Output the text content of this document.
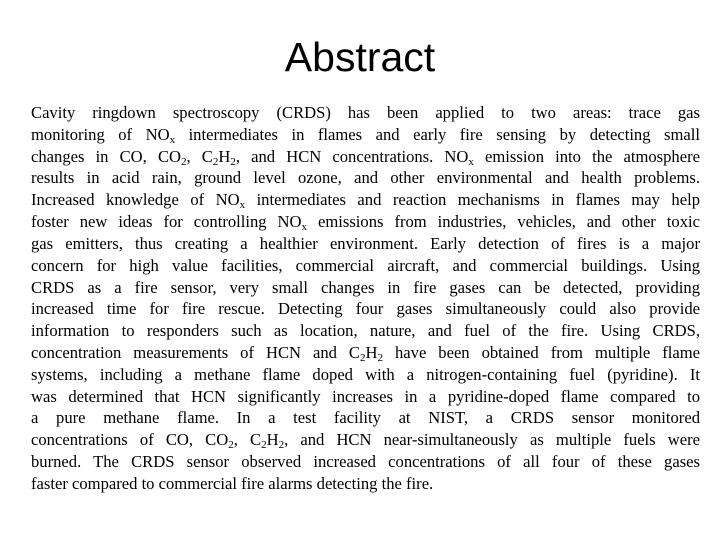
Abstract
Cavity ringdown spectroscopy (CRDS) has been applied to two areas: trace gas
monitoring of $NO_x$ intermediates in flames and early fire sensing by detecting small
changes in CO, $CO_2$, $C_2H_2$, and HCN concentrations. $NO_x$ emission into the atmosphere
results in acid rain, ground level ozone, and other environmental and health problems.
Increased knowledge of $NO_x$ intermediates and reaction mechanisms in flames may help
foster new ideas for controlling $NO_x$ emissions from industries, vehicles, and other toxic
gas emitters, thus creating a healthier environment. Early detection of fires is a major
concern for high value facilities, commercial aircraft, and commercial buildings. Using
CRDS as a fire sensor, very small changes in fire gases can be detected, providing
increased time for fire rescue. Detecting four gases simultaneously could also provide
information to responders such as location, nature, and fuel of the fire. Using CRDS,
concentration measurements of HCN and $C_2H_2$ have been obtained from multiple flame
systems, including a methane flame doped with a nitrogen-containing fuel (pyridine). It
was determined that HCN significantly increases in a pyridine-doped flame compared to
a pure methane flame. In a test facility at NIST, a CRDS sensor monitored
concentrations of CO, $CO_2$, $C_2H_2$, and HCN near-simultaneously as multiple fuels were
burned. The CRDS sensor observed increased concentrations of all four of these gases
faster compared to commercial fire alarms detecting the fire.
